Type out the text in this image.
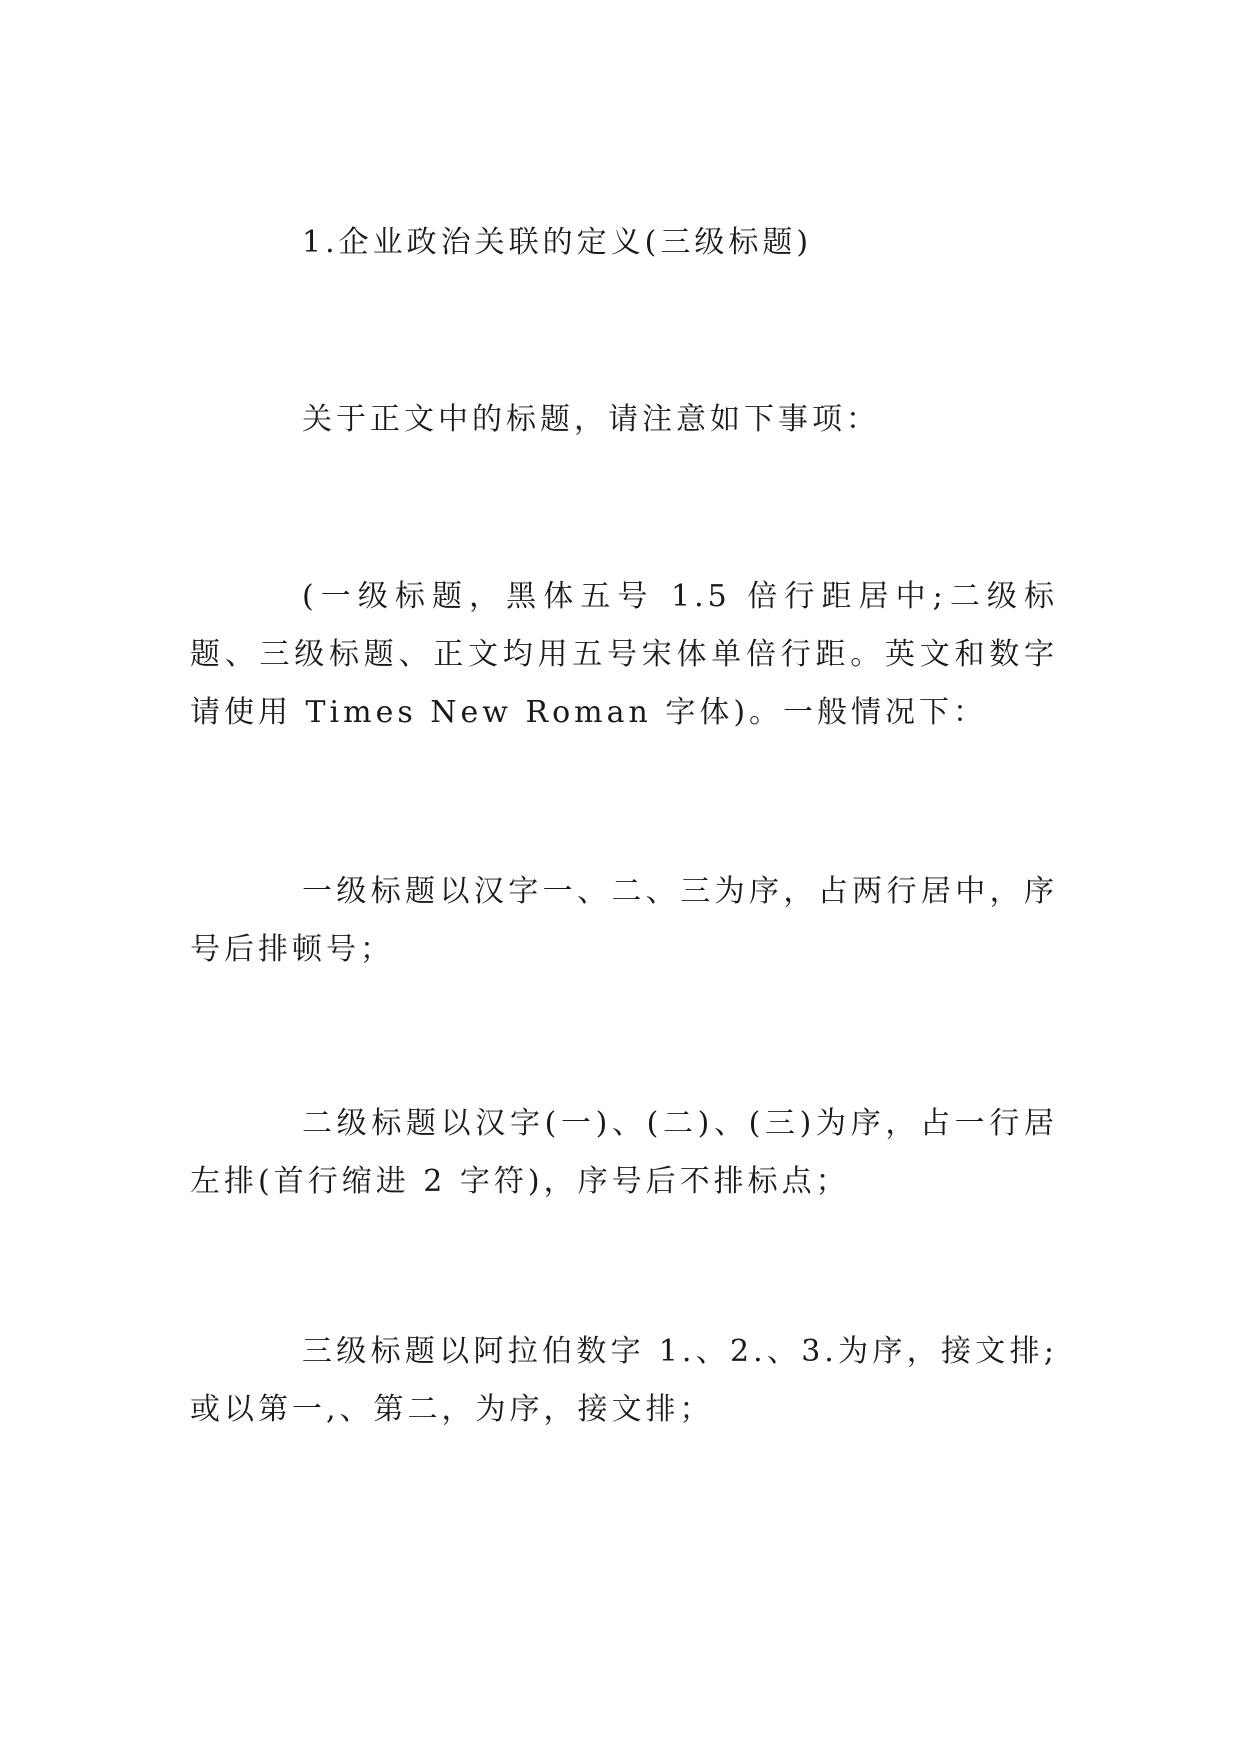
1.企业政治关联的定义(三级标题)

关于正文中的标题，请注意如下事项：

(一级标题，黑体五号 1.5 倍行距居中;二级标题、三级标题、正文均用五号宋体单倍行距。英文和数字请使用 Times New Roman 字体)。一般情况下：

一级标题以汉字一、二、三为序，占两行居中，序号后排顿号；

二级标题以汉字(一)、(二)、(三)为序，占一行居左排(首行缩进 2 字符)，序号后不排标点；

三级标题以阿拉伯数字 1.、2.、3.为序，接文排;或以第一,、第二，为序，接文排；
